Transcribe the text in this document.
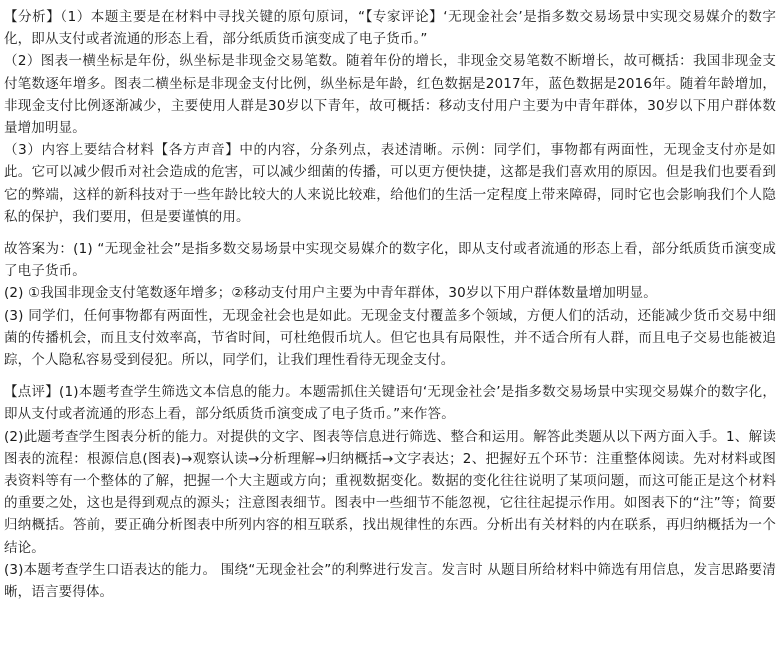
【分析】（1）本题主要是在材料中寻找关键的原句原词，“【专家评论】‘无现金社会’是指多数交易场景中实现交易媒介的数字化，即从支付或者流通的形态上看，部分纸质货币演变成了电子货币。”

（2）图表一横坐标是年份，纵坐标是非现金交易笔数。随着年份的增长，非现金交易笔数不断增长，故可概括：我国非现金支付笔数逐年增多。图表二横坐标是非现金支付比例，纵坐标是年龄，红色数据是2017年，蓝色数据是2016年。随着年龄增加，非现金支付比例逐渐减少，主要使用人群是30岁以下青年，故可概括：移动支付用户主要为中青年群体，30岁以下用户群体数量增加明显。

（3）内容上要结合材料【各方声音】中的内容，分条列点，表述清晰。示例：同学们，事物都有两面性，无现金支付亦是如此。它可以减少假币对社会造成的危害，可以减少细菌的传播，可以更方便快捷，这都是我们喜欢用的原因。但是我们也要看到它的弊端，这样的新科技对于一些年龄比较大的人来说比较难，给他们的生活一定程度上带来障碍，同时它也会影响我们个人隐私的保护，我们要用，但是要谨慎的用。

故答案为：(1) “无现金社会”是指多数交易场景中实现交易媒介的数字化，即从支付或者流通的形态上看，部分纸质货币演变成了电子货币。

(2) ①我国非现金支付笔数逐年增多；②移动支付用户主要为中青年群体，30岁以下用户群体数量增加明显。

(3) 同学们，任何事物都有两面性，无现金社会也是如此。无现金支付覆盖多个领域，方便人们的活动，还能减少货币交易中细菌的传播机会，而且支付效率高，节省时间，可杜绝假币坑人。但它也具有局限性，并不适合所有人群，而且电子交易也能被追踪，个人隐私容易受到侵犯。所以，同学们，让我们理性看待无现金支付。

【点评】(1)本题考查学生筛选文本信息的能力。本题需抓住关键语句‘无现金社会’是指多数交易场景中实现交易媒介的数字化，即从支付或者流通的形态上看，部分纸质货币演变成了电子货币。”来作答。

(2)此题考查学生图表分析的能力。对提供的文字、图表等信息进行筛选、整合和运用。解答此类题从以下两方面入手。1、解读图表的流程：根源信息(图表)→观察认读→分析理解→归纳概括→文字表达；2、把握好五个环节：注重整体阅读。先对材料或图表资料等有一个整体的了解，把握一个大主题或方向；重视数据变化。数据的变化往往说明了某项问题，而这可能正是这个材料的重要之处，这也是得到观点的源头；注意图表细节。图表中一些细节不能忽视，它往往起提示作用。如图表下的“注”等；简要归纳概括。答前，要正确分析图表中所列内容的相互联系，找出规律性的东西。分析出有关材料的内在联系，再归纳概括为一个结论。

(3)本题考查学生口语表达的能力。 围绕“无现金社会”的利弊进行发言。发言时 从题目所给材料中筛选有用信息，发言思路要清晰，语言要得体。
